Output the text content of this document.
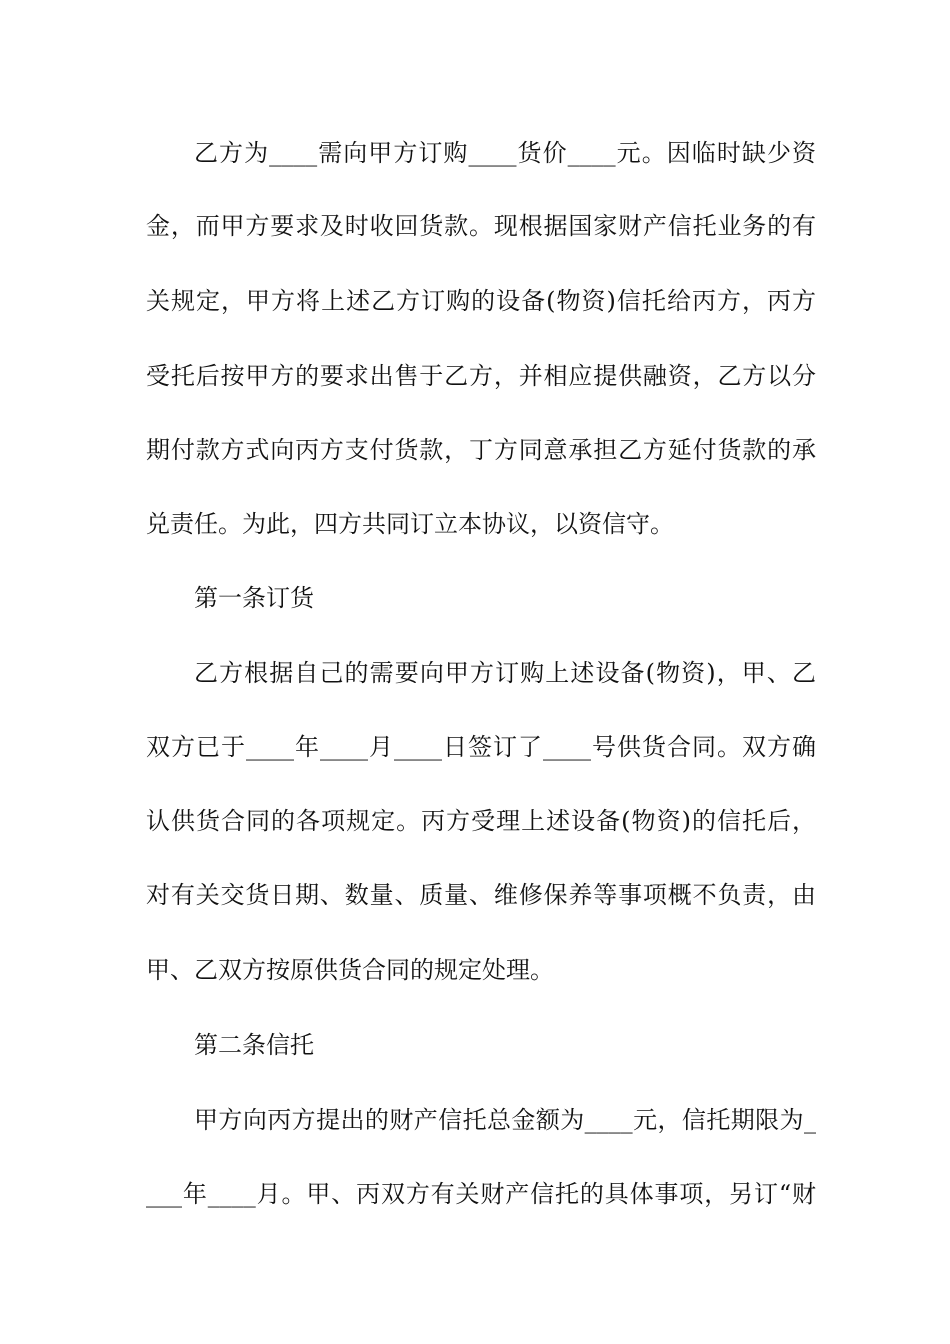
乙方为____需向甲方订购____货价____元。因临时缺少资
金，而甲方要求及时收回货款。现根据国家财产信托业务的有
关规定，甲方将上述乙方订购的设备(物资)信托给丙方，丙方
受托后按甲方的要求出售于乙方，并相应提供融资，乙方以分
期付款方式向丙方支付货款，丁方同意承担乙方延付货款的承
兑责任。为此，四方共同订立本协议，以资信守。
第一条订货
乙方根据自己的需要向甲方订购上述设备(物资)，甲、乙
双方已于____年____月____日签订了____号供货合同。双方确
认供货合同的各项规定。丙方受理上述设备(物资)的信托后，
对有关交货日期、数量、质量、维修保养等事项概不负责，由
甲、乙双方按原供货合同的规定处理。
第二条信托
甲方向丙方提出的财产信托总金额为____元，信托期限为_
___年____月。甲、丙双方有关财产信托的具体事项，另订“财
